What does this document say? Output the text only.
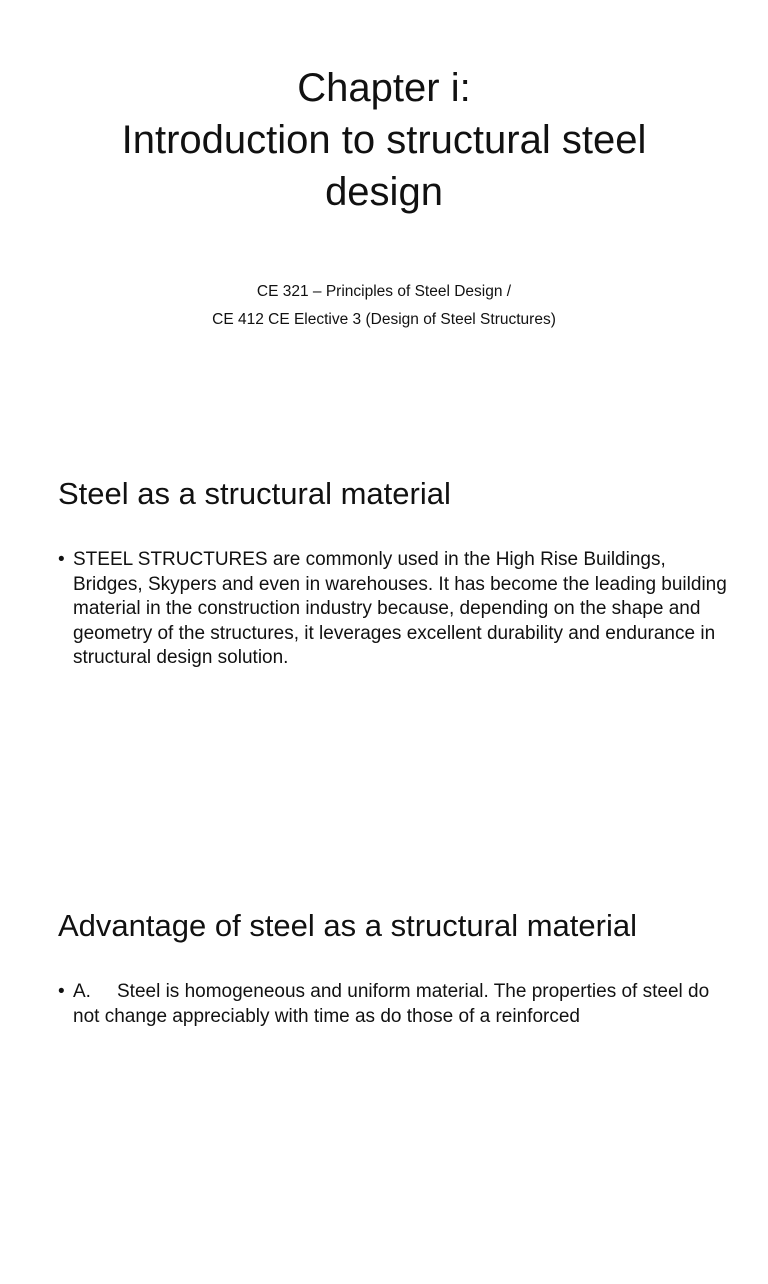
Chapter i:
Introduction to structural steel
design
CE 321 – Principles of Steel Design /
CE 412 CE Elective 3 (Design of Steel Structures)
Steel as a structural material
• STEEL STRUCTURES are commonly used in the High Rise Buildings, Bridges, Skypers and even in warehouses. It has become the leading building material in the construction industry because, depending on the shape and geometry of the structures, it leverages excellent durability and endurance in structural design solution.
Advantage of steel as a structural material
• A. Steel is homogeneous and uniform material. The properties of steel do not change appreciably with time as do those of a reinforced
